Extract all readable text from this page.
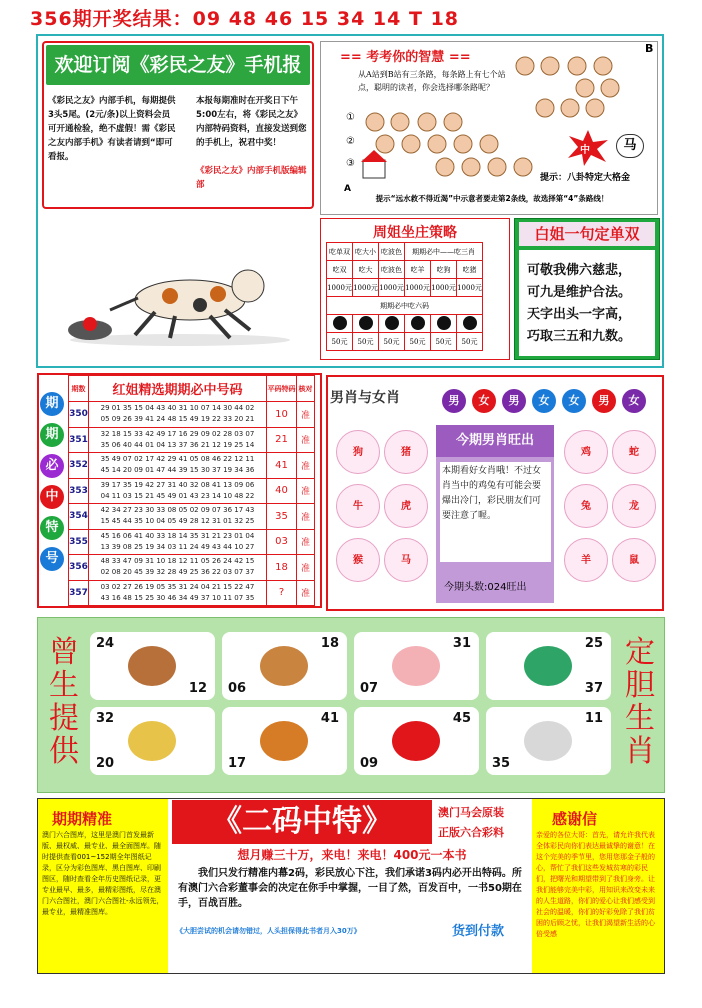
356期开奖结果：09 48 46 15 34 14 T 18
欢迎订阅《彩民之友》手机报
《彩民之友》内部手机，每期提供3头5尾。(2元/条)以上资料会员可开通检验，绝不虚假！需《彩民之友内部手机》有读者请到“即可看报。
本报每期准时在开奖日下午5:00左右，将《彩民之友》内部特码资料，直接发送到您的手机上，祝君中奖！
《彩民之友》内部手机版编辑部
== 考考你的智慧 ==
B
A
从A站到B站有三条路，每条路上有七个站点，聪明的读者，你会选择哪条路呢？
①
②
③
中	马
提示：八卦特定大格金
提示“远水救不得近渴”中示意者要走第2条线，故选择第“4”条路线！
周姐坐庄策略
吃单双	吃大小	吃波色	期期必中——吃三肖		
吃双	吃大	吃波色	吃羊	吃狗	吃猪
1000元	1000元	1000元	1000元	1000元	1000元
期期必中吃六码					

50元	50元	50元	50元	50元	50元
白姐一句定单双
可敬我佛六慈悲，
可九是维护合法。
天字出头一字高，
巧取三五和九数。
期
期
必
中
特
号
期数	红姐精选期期必中号码	平码特码	核对
350	29 01 35 15 04 43 40 31 10 07 14 30 44 02
05 09 26 39 41 24 48 15 49 19 22 33 20 21	10	准
351	32 18 15 33 42 49 17 16 29 09 02 28 03 07
35 06 40 44 01 04 13 37 36 21 12 19 25 14	21	准
352	35 49 07 02 17 42 29 41 05 08 46 22 12 11
45 14 20 09 01 47 44 39 15 30 37 19 34 36	41	准
353	39 17 35 19 42 27 31 40 32 08 41 13 09 06
04 11 03 15 21 45 49 01 43 23 14 10 48 22	40	准
354	42 34 27 23 30 33 08 05 02 09 07 36 17 43
15 45 44 35 10 04 05 49 28 12 31 01 32 25	35	准
355	45 16 06 41 40 33 18 14 35 31 21 23 01 04
13 39 08 25 19 34 03 11 24 49 43 44 10 27	03	准
356	48 33 47 09 31 10 18 12 11 05 26 24 42 15
02 08 20 45 39 32 28 49 25 36 22 03 07 37	18	准
357	03 02 27 26 19 05 35 31 24 04 21 15 22 47
43 16 48 15 25 30 46 34 49 37 10 11 07 35	?	准
男肖与女肖	男	女	男	女	女	男	女
狗	猪
牛	虎
猴	马
鸡	蛇
兔	龙
羊	鼠
今期男肖旺出
本期看好女肖哦！不过女肖当中的鸡兔有可能会要爆出冷门，彩民朋友们可要注意了喔。
今期头数:024旺出
曾
生
提
供
定
胆
生
肖
24
12
18
06
31
07
25
37
32
20
41
17
45
09
11
35
期期精准
澳门六合图库，这里是澳门首发最新版、最权威、最专业、最全面图库。随时提供查看001~152期全年图纸记录，区分为彩色图库、黑白图库、印刷图区，随时查看全年历史图纸记录，更专业最早、最多，最精彩图纸，尽在澳门六合图社，澳门六合图社-永远领先，最专业，最精准图库。
《二码中特》	澳门马会原装
正版六合彩料
想月赚三十万，来电！来电！400元一本书
我们只发行精准内幕2码，彩民放心下注，我们承诺3码内必开出特码。所有澳门六合彩董事会的决定在你手中掌握，一目了然，百发百中，一书50期在手，百战百胜。
《大胆尝试的机会请勿错过，人头担保得此书者月入30万》	货到付款
感谢信
亲爱的各位大哥：首先，请允许我代表全体彩民向你们表达最诚挚的谢意！在这个完美的季节里，您用您那金子般的心，帮忙了我们这些发城贫寒的彩民们，把曙光和期望带到了我们身旁。让我们能够完美中彩，用知识来改变未来的人生道路，你们的爱心让我们感受到社会的温暖，你们的好彩免除了我们贫困的后顾之忧，让我们渴望新生活的心倍受感
